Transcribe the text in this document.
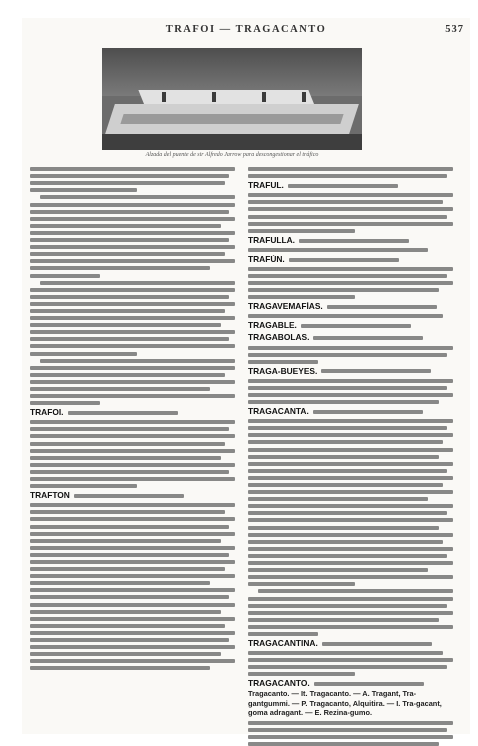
TRAFOI — TRAGACANTO	537
Alzada del puente de sir Alfredo Jarrow para descongestionar el tráfico
TRAFOI.
TRAFTON
TRAFUL.
TRAFULLA.
TRAFÚN.
TRAGAVEMAFÍAS.
TRAGABLE.
TRAGABOLAS.
TRAGA-BUEYES.
TRAGACANTA.
TRAGACANTINA.
TRAGACANTO.
Tragacanto. — It. Tragacanto. — A. Tragant, Tra-gantgummi. — P. Tragacanto, Alquitira. — I. Tra-gacant, goma adragant. — E. Rezina-gumo.
